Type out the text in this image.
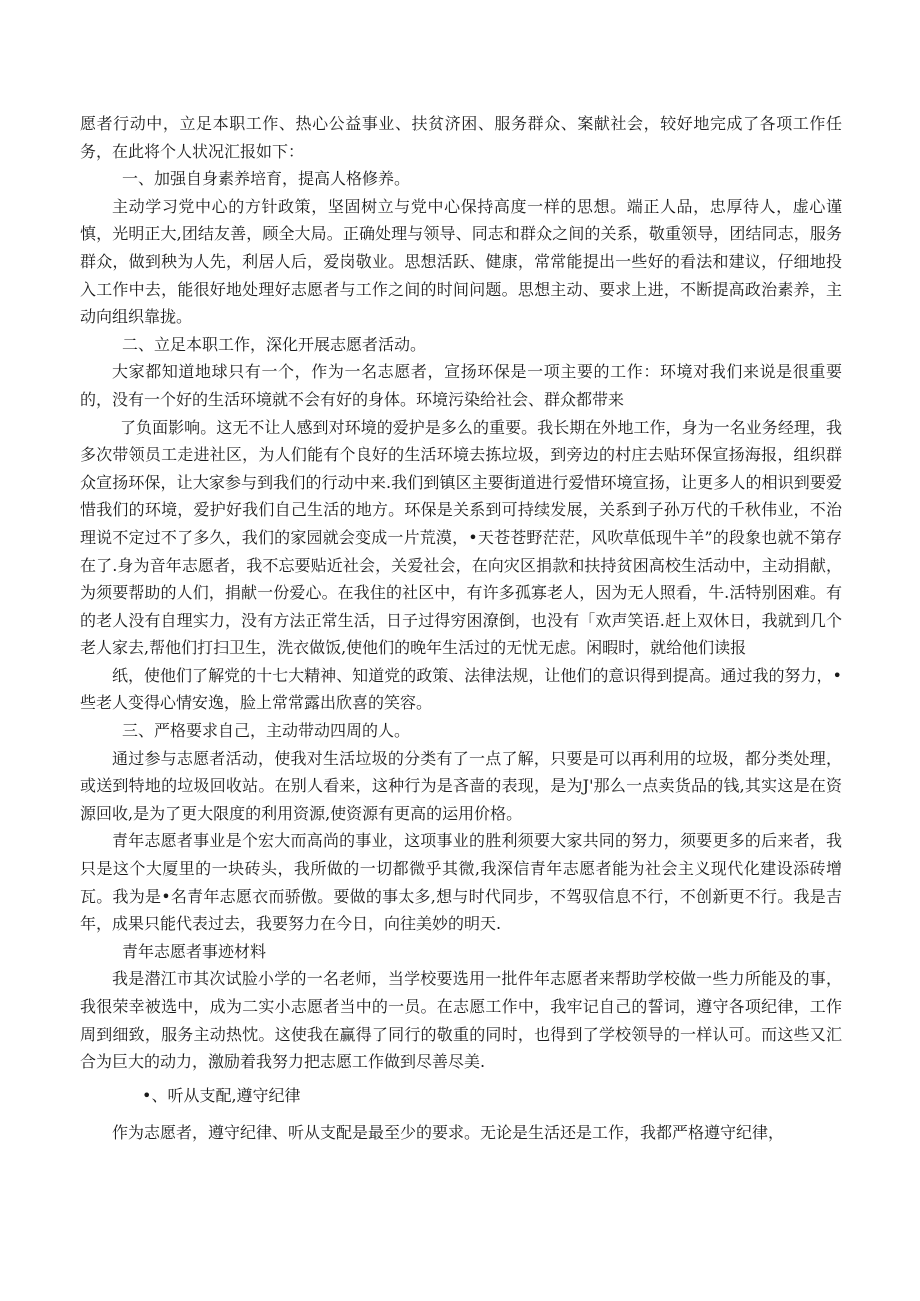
愿者行动中，立足本职工作、热心公益事业、扶贫济困、服务群众、案献社会，较好地完成了各项工作任务，在此将个人状况汇报如下：

一、加强自身素养培育，提高人格修养。

主动学习党中心的方针政策，坚固树立与党中心保持高度一样的思想。端正人品，忠厚待人，虚心谨慎，光明正大,团结友善，顾全大局。正确处理与领导、同志和群众之间的关系，敬重领导，团结同志，服务群众，做到秧为人先，利居人后，爱岗敬业。思想活跃、健康，常常能提出一些好的看法和建议，仔细地投入工作中去，能很好地处理好志愿者与工作之间的时间问题。思想主动、要求上进，不断提高政治素养，主动向组织靠拢。

二、立足本职工作，深化开展志愿者活动。

大家都知道地球只有一个，作为一名志愿者，宣扬环保是一项主要的工作：环境对我们来说是很重要的，没有一个好的生活环境就不会有好的身体。环境污染给社会、群众都带来

了负面影响。这无不让人感到对环境的爱护是多么的重要。我长期在外地工作，身为一名业务经理，我多次带领员工走进社区，为人们能有个良好的生活环境去拣垃圾，到旁边的村庄去贴环保宣扬海报，组织群众宣扬环保，让大家参与到我们的行动中来.我们到镇区主要街道进行爱惜环境宣扬，让更多人的相识到要爱惜我们的环境，爱护好我们自己生活的地方。环保是关系到可持续发展，关系到子孙万代的千秋伟业，不治理说不定过不了多久，我们的家园就会变成一片荒漠，•天苍苍野茫茫，风吹草低现牛羊”的段象也就不第存在了.身为音年志愿者，我不忘要贴近社会，关爱社会，在向灾区捐款和扶持贫困高校生活动中，主动捐献，为须要帮助的人们，捐献一份爱心。在我住的社区中，有许多孤寡老人，因为无人照看，牛.活特别困难。有的老人没有自理实力，没有方法正常生活，日子过得穷困潦倒，也没有「欢声笑语.赶上双休日，我就到几个老人家去,帮他们打扫卫生，洗衣做饭,使他们的晚年生活过的无忧无虑。闲暇时，就给他们读报

纸，使他们了解党的十七大精神、知道党的政策、法律法规，让他们的意识得到提高。通过我的努力，•些老人变得心情安逸，脸上常常露出欣喜的笑容。

三、严格要求自己，主动带动四周的人。

通过参与志愿者活动，使我对生活垃圾的分类有了一点了解，只要是可以再利用的垃圾，都分类处理，或送到特地的垃圾回收站。在别人看来，这种行为是吝啬的表现，是为J'那么一点卖货品的钱,其实这是在资源回收,是为了更大限度的利用资源,使资源有更高的运用价格。

青年志愿者事业是个宏大而高尚的事业，这项事业的胜利须要大家共同的努力，须要更多的后来者，我只是这个大厦里的一块砖头，我所做的一切都微乎其微,我深信青年志愿者能为社会主义现代化建设添砖增瓦。我为是•名青年志愿衣而骄傲。要做的事太多,想与时代同步，不驾驭信息不行，不创新更不行。我是吉年，成果只能代表过去，我要努力在今日，向往美妙的明天.

青年志愿者事迹材料

我是潜江市其次试脸小学的一名老师，当学校要选用一批件年志愿者来帮助学校做一些力所能及的事，我很荣幸被选中，成为二实小志愿者当中的一员。在志愿工作中，我牢记自己的誓词，遵守各项纪律，工作周到细致，服务主动热忱。这使我在赢得了同行的敬重的同时，也得到了学校领导的一样认可。而这些又汇合为巨大的动力，激励着我努力把志愿工作做到尽善尽美.

•、听从支配,遵守纪律

作为志愿者，遵守纪律、听从支配是最至少的要求。无论是生活还是工作，我都严格遵守纪律，
